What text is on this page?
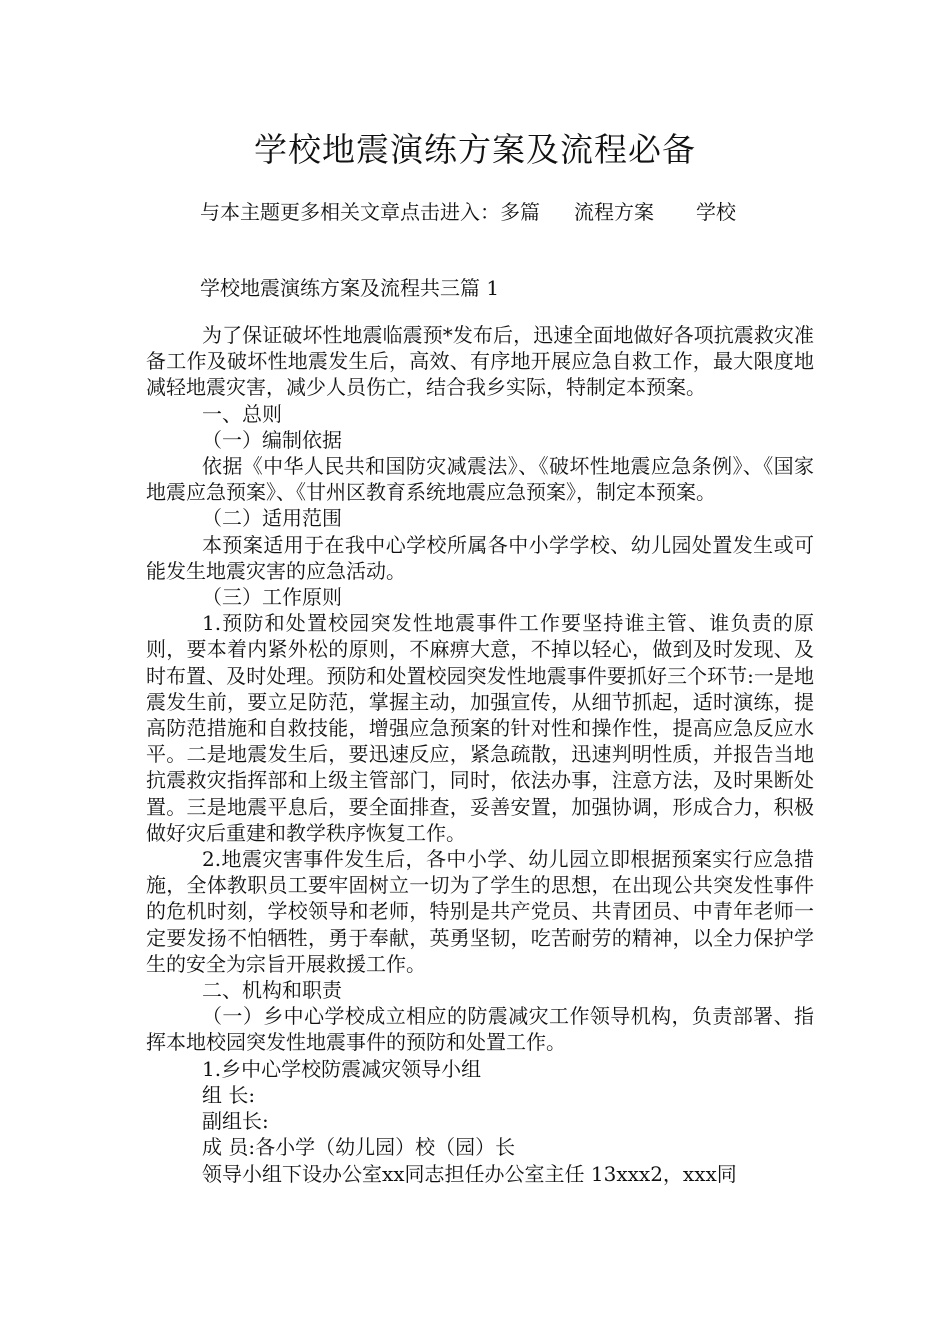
学校地震演练方案及流程必备
与本主题更多相关文章点击进入：多篇 流程方案 学校
学校地震演练方案及流程共三篇 1

为了保证破坏性地震临震预*发布后，迅速全面地做好各项抗震救灾准备工作及破坏性地震发生后，高效、有序地开展应急自救工作，最大限度地减轻地震灾害，减少人员伤亡，结合我乡实际，特制定本预案。

一、总则

（一）编制依据

依据《中华人民共和国防灾减震法》、《破坏性地震应急条例》、《国家地震应急预案》、《甘州区教育系统地震应急预案》，制定本预案。

（二）适用范围

本预案适用于在我中心学校所属各中小学学校、幼儿园处置发生或可能发生地震灾害的应急活动。

（三）工作原则

1.预防和处置校园突发性地震事件工作要坚持谁主管、谁负责的原则，要本着内紧外松的原则，不麻痹大意，不掉以轻心，做到及时发现、及时布置、及时处理。预防和处置校园突发性地震事件要抓好三个环节:一是地震发生前，要立足防范，掌握主动，加强宣传，从细节抓起，适时演练，提高防范措施和自救技能，增强应急预案的针对性和操作性，提高应急反应水平。二是地震发生后，要迅速反应，紧急疏散，迅速判明性质，并报告当地抗震救灾指挥部和上级主管部门，同时，依法办事，注意方法，及时果断处置。三是地震平息后，要全面排查，妥善安置，加强协调，形成合力，积极做好灾后重建和教学秩序恢复工作。

2.地震灾害事件发生后，各中小学、幼儿园立即根据预案实行应急措施，全体教职员工要牢固树立一切为了学生的思想，在出现公共突发性事件的危机时刻，学校领导和老师，特别是共产党员、共青团员、中青年老师一定要发扬不怕牺牲，勇于奉献，英勇坚韧，吃苦耐劳的精神，以全力保护学生的安全为宗旨开展救援工作。

二、机构和职责

（一）乡中心学校成立相应的防震减灾工作领导机构，负责部署、指挥本地校园突发性地震事件的预防和处置工作。

1.乡中心学校防震减灾领导小组

组 长:

副组长:

成 员:各小学（幼儿园）校（园）长

领导小组下设办公室xx同志担任办公室主任 13xxx2，xxx同
